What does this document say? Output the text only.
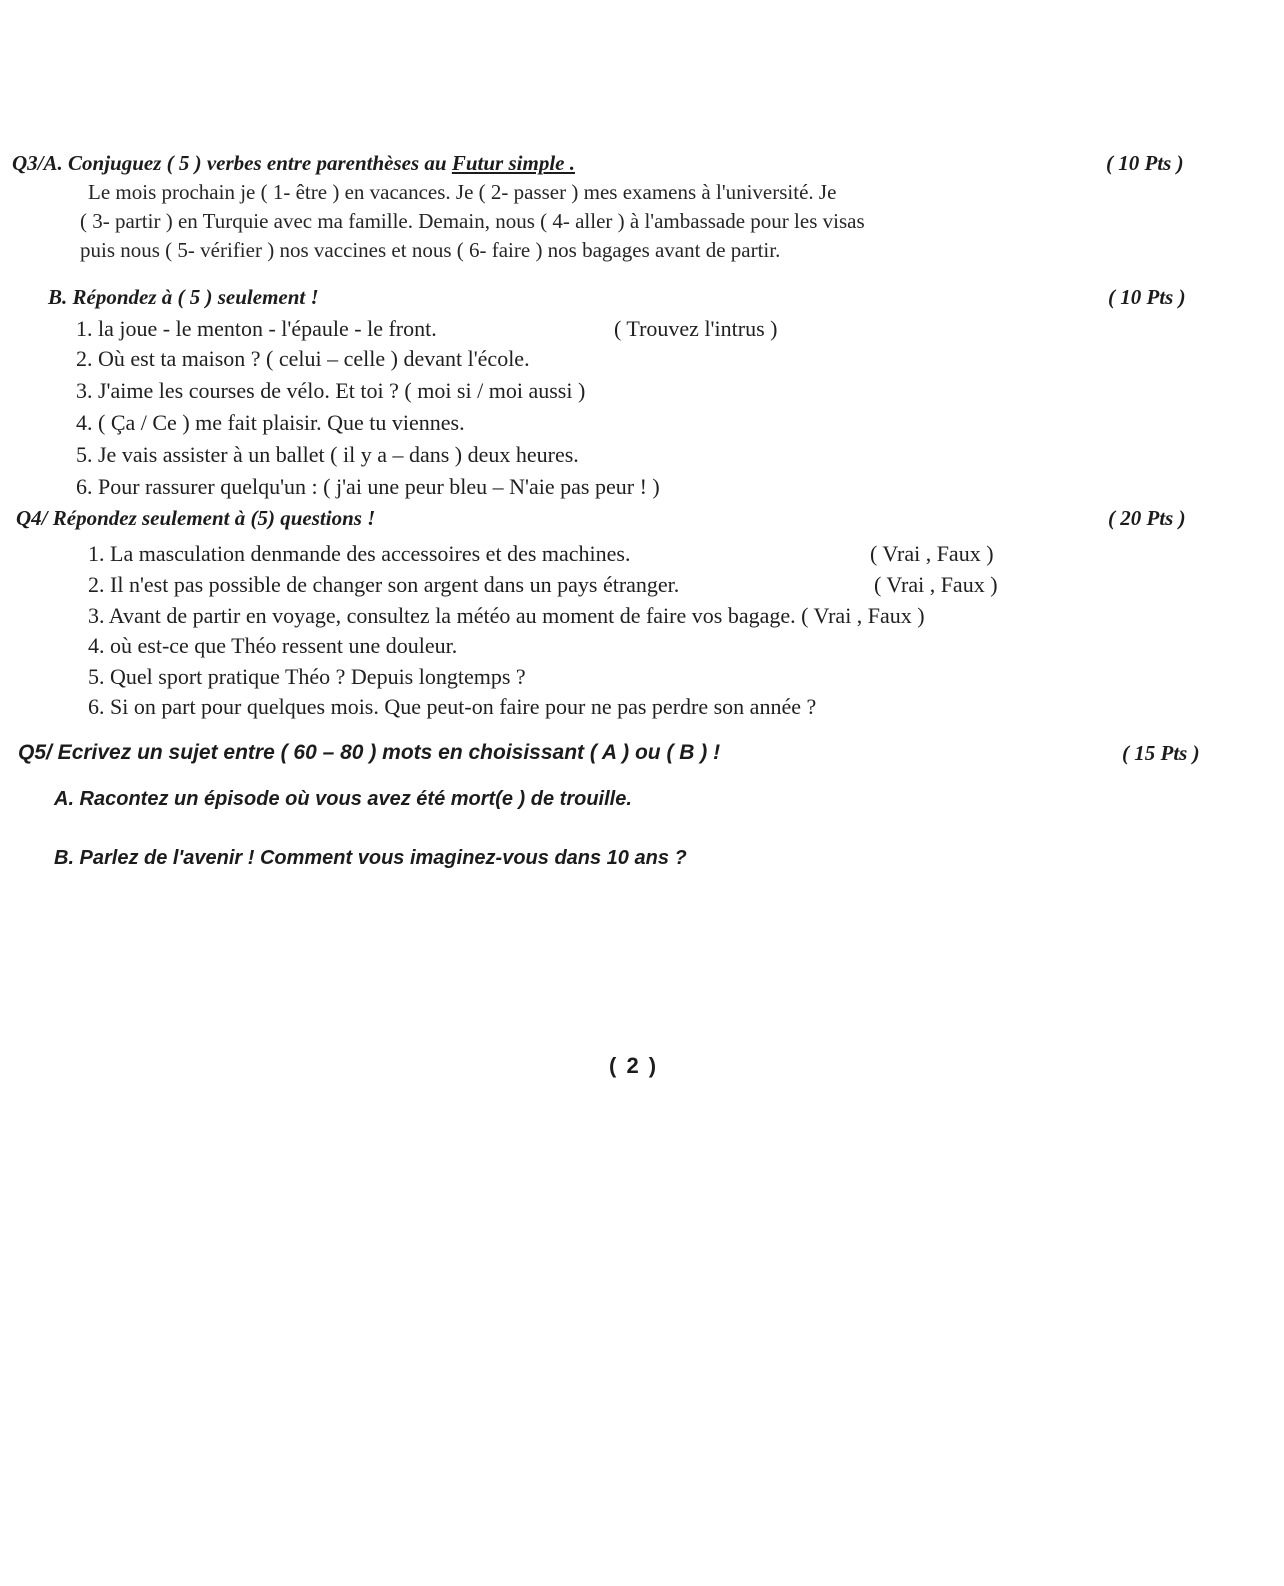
Q3/A. Conjuguez ( 5 ) verbes entre parenthèses au Futur simple .	( 10 Pts )
Le mois prochain je ( 1- être ) en vacances. Je ( 2- passer ) mes examens à l'université. Je
( 3- partir ) en Turquie avec ma famille. Demain, nous ( 4- aller ) à l'ambassade pour les visas
puis nous ( 5- vérifier ) nos vaccines et nous ( 6- faire ) nos bagages avant de partir.
B. Répondez à ( 5 ) seulement !	( 10 Pts )
1. la joue - le menton - l'épaule - le front.	( Trouvez l'intrus )
2. Où est ta maison ? ( celui – celle ) devant l'école.
3. J'aime les courses de vélo. Et toi ? ( moi si / moi aussi )
4. ( Ça / Ce ) me fait plaisir. Que tu viennes.
5. Je vais assister à un ballet ( il y a – dans ) deux heures.
6. Pour rassurer quelqu'un : ( j'ai une peur bleu – N'aie pas peur ! )
Q4/ Répondez seulement à (5) questions !	( 20 Pts )
1. La masculation denmande des accessoires et des machines.	( Vrai , Faux )
2. Il n'est pas possible de changer son argent dans un pays étranger.	( Vrai , Faux )
3. Avant de partir en voyage, consultez la météo au moment de faire vos bagage. ( Vrai , Faux )
4. où est-ce que Théo ressent une douleur.
5. Quel sport pratique Théo ? Depuis longtemps ?
6. Si on part pour quelques mois. Que peut-on faire pour ne pas perdre son année ?
Q5/ Ecrivez un sujet entre ( 60 – 80 ) mots en choisissant ( A ) ou ( B ) !	( 15 Pts )
A. Racontez un épisode où vous avez été mort(e ) de trouille.
B. Parlez de l'avenir ! Comment vous imaginez-vous dans 10 ans ?
( 2 )
